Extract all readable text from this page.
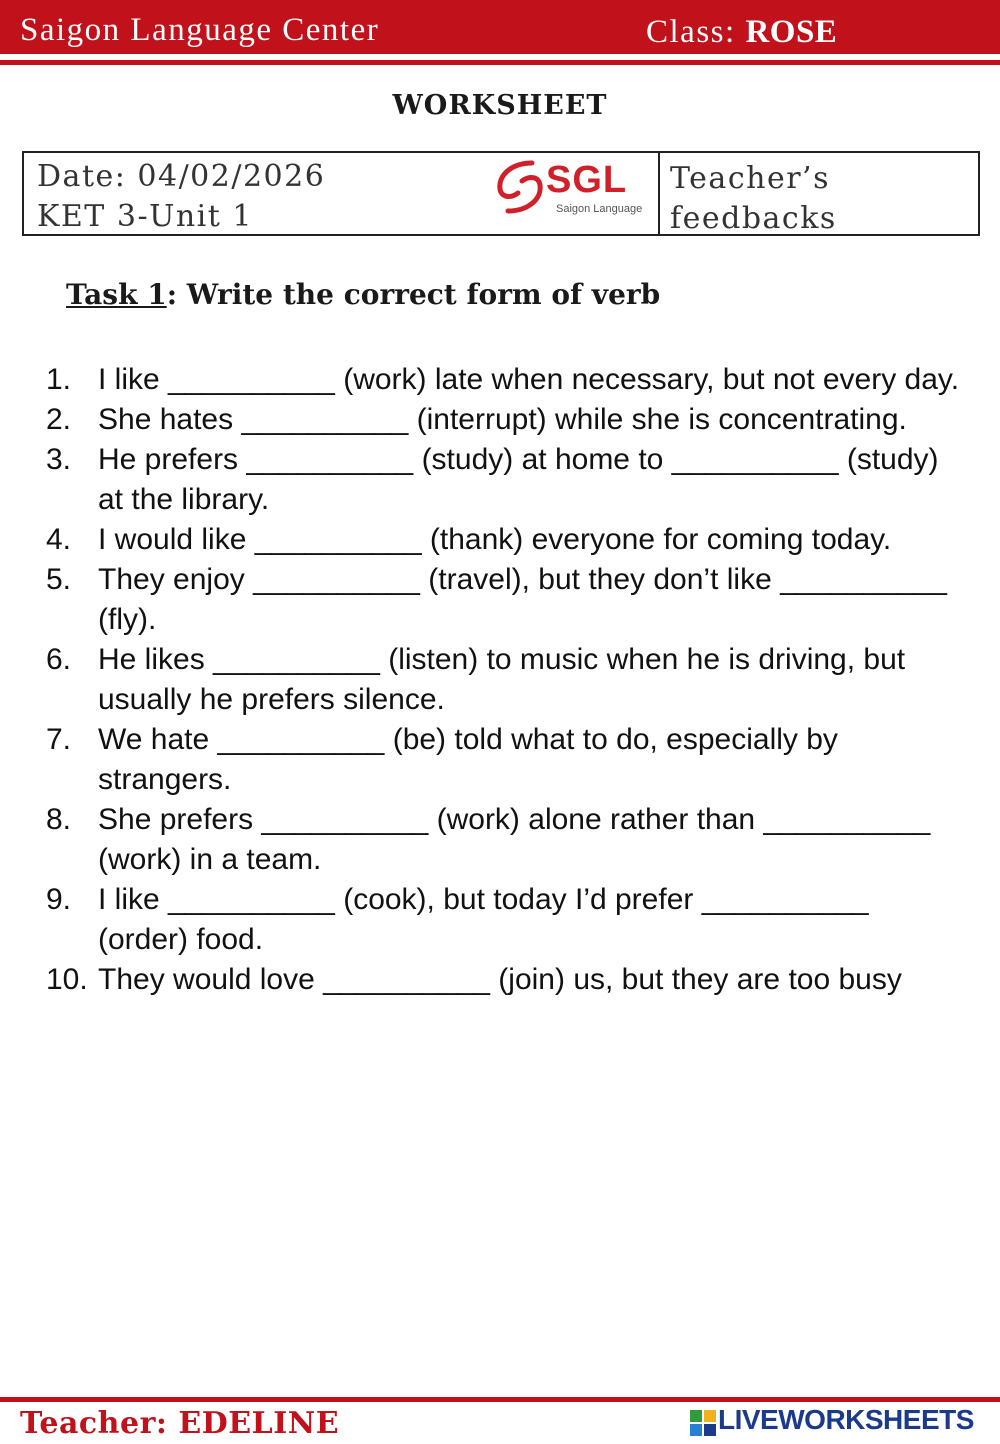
Saigon Language Center	Class: ROSE
WORKSHEET
Date: 04/02/2026
KET 3-Unit 1
SGL
Saigon Language
Teacher’s feedbacks
Task 1: Write the correct form of verb
1. I like __________ (work) late when necessary, but not every day.
2. She hates __________ (interrupt) while she is concentrating.
3. He prefers __________ (study) at home to __________ (study) at the library.
4. I would like __________ (thank) everyone for coming today.
5. They enjoy __________ (travel), but they don’t like __________ (fly).
6. He likes __________ (listen) to music when he is driving, but usually he prefers silence.
7. We hate __________ (be) told what to do, especially by strangers.
8. She prefers __________ (work) alone rather than __________ (work) in a team.
9. I like __________ (cook), but today I’d prefer __________ (order) food.
10. They would love __________ (join) us, but they are too busy
Teacher: EDELINE	LIVEWORKSHEETS
